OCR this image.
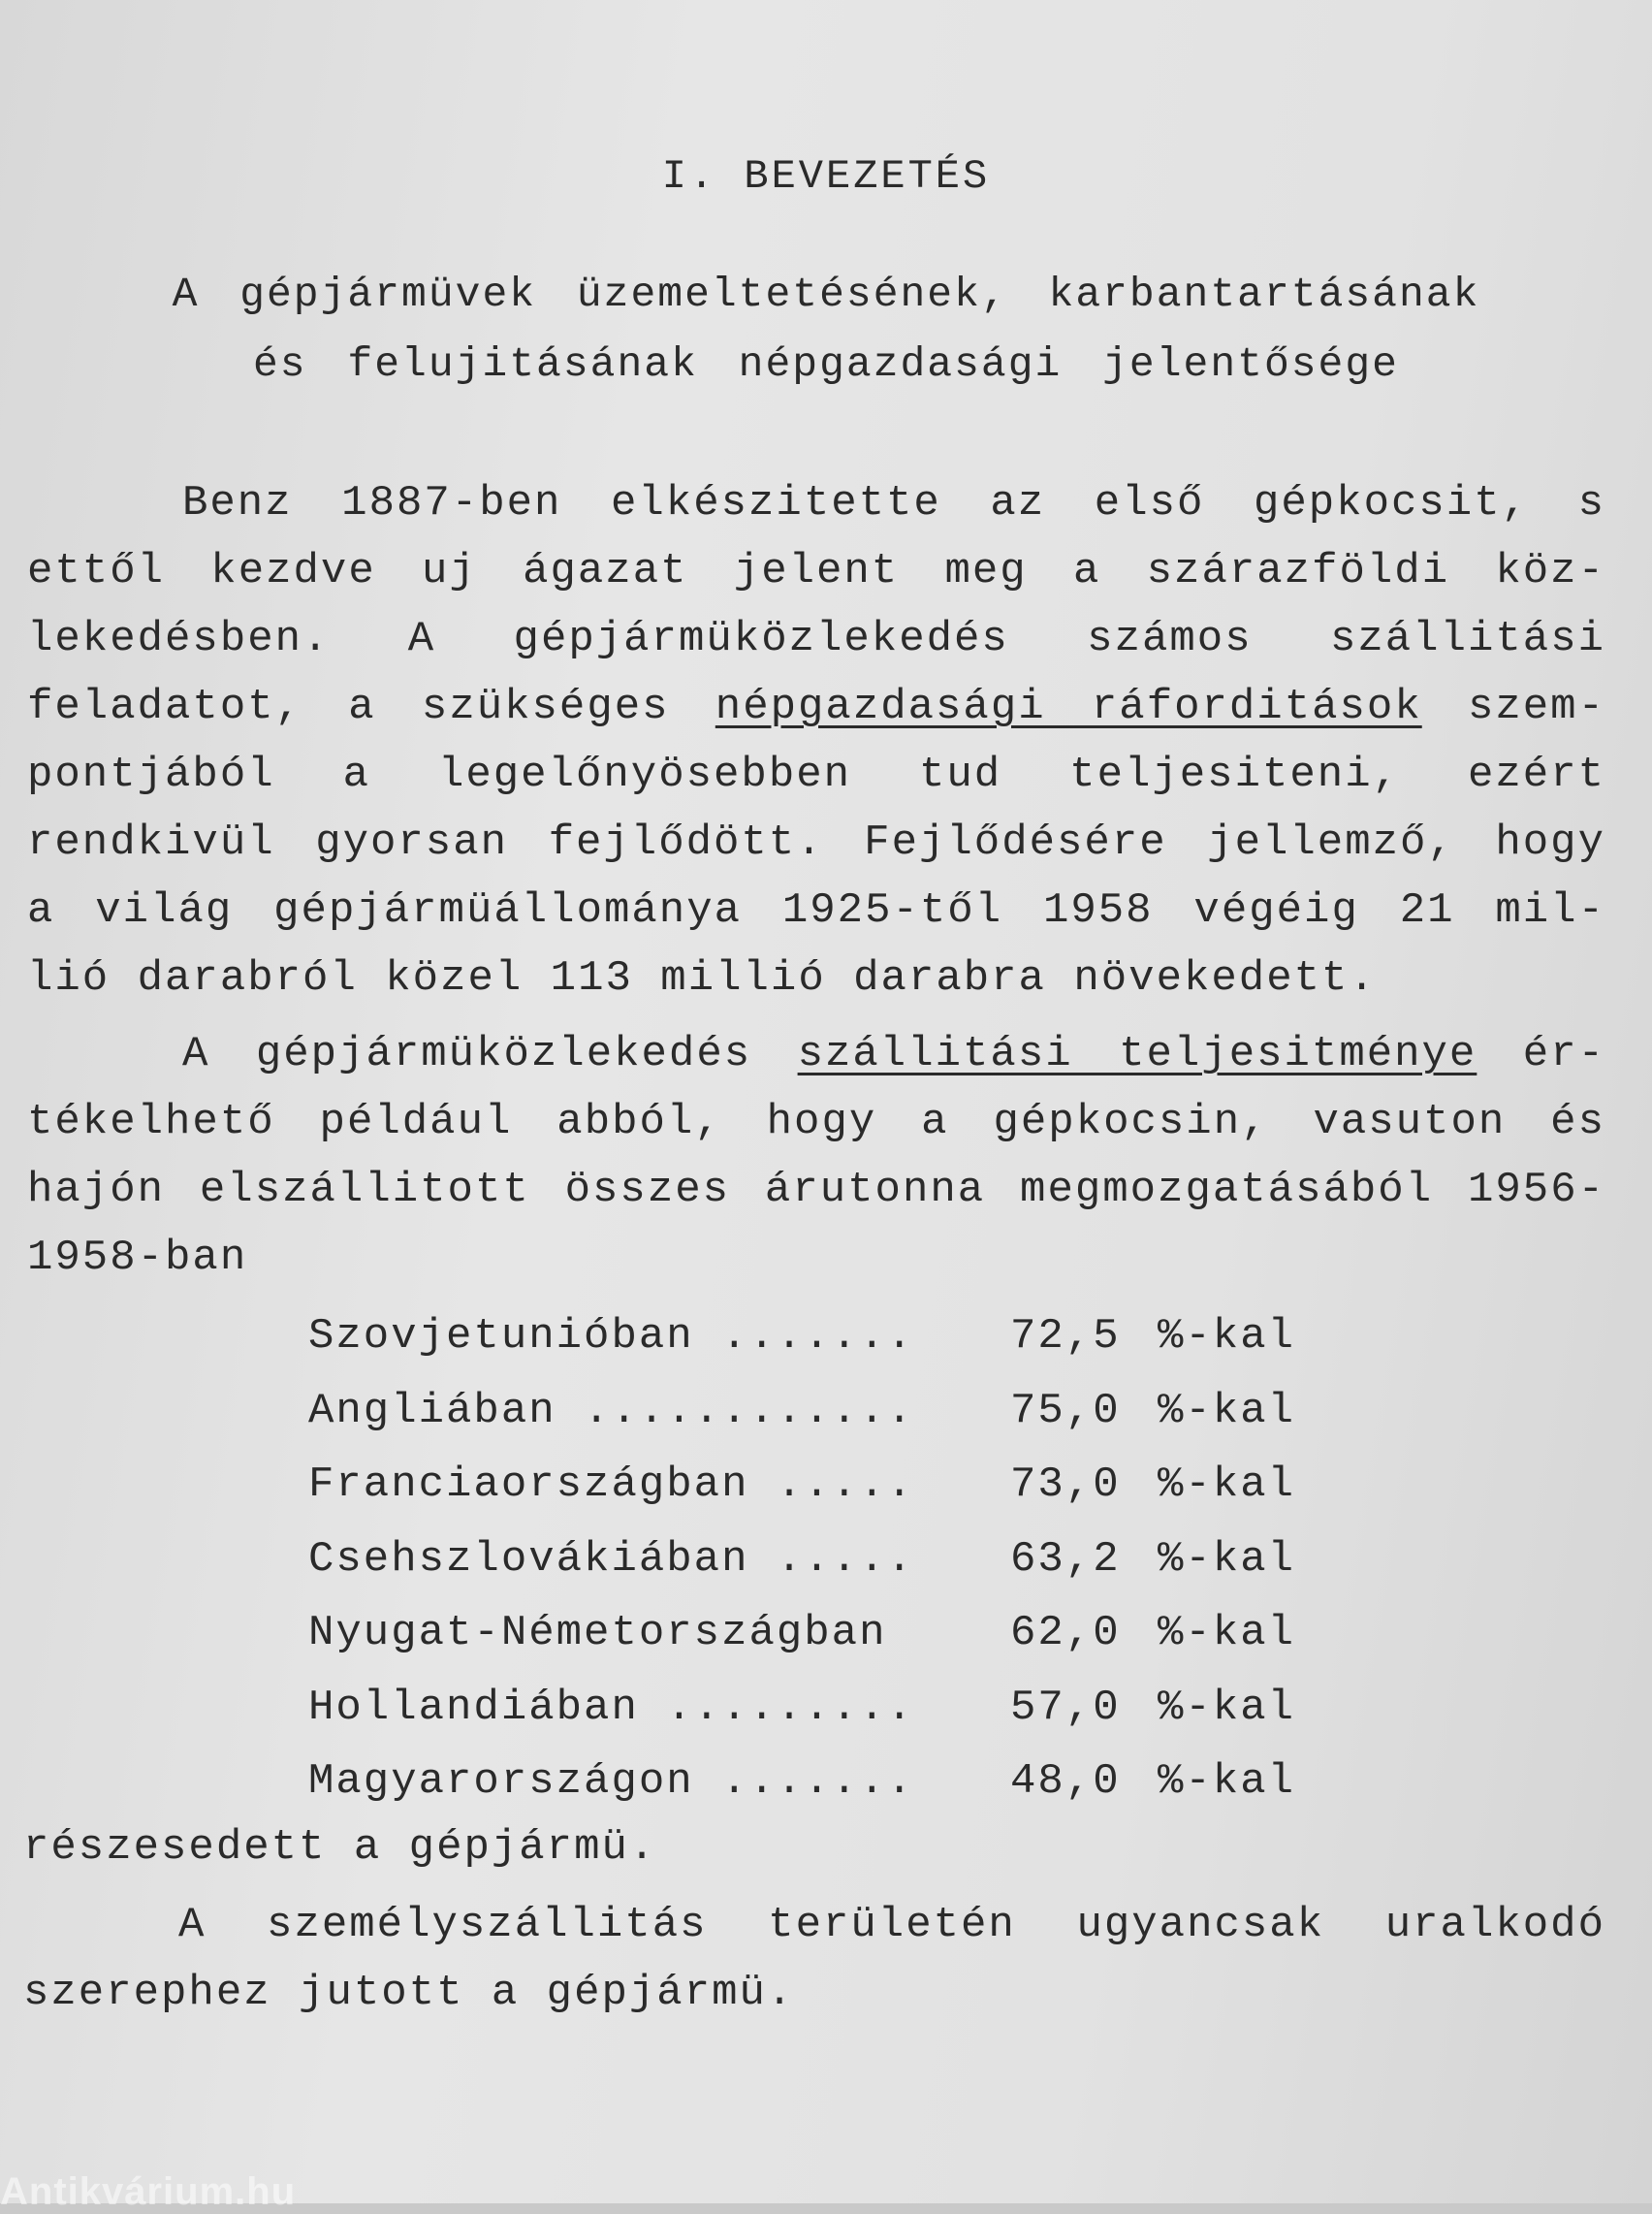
I. BEVEZETÉS
A gépjármüvek üzemeltetésének, karbantartásának
és felujitásának népgazdasági jelentősége
Benz 1887-ben elkészitette az első gépkocsit, s
ettől kezdve uj ágazat jelent meg a szárazföldi köz-
lekedésben. A gépjármüközlekedés számos szállitási
feladatot, a szükséges népgazdasági ráforditások szem-
pontjából a legelőnyösebben tud teljesiteni, ezért
rendkivül gyorsan fejlődött. Fejlődésére jellemző, hogy
a világ gépjármüállománya 1925-től 1958 végéig 21 mil-
lió darabról közel 113 millió darabra növekedett.
A gépjármüközlekedés szállitási teljesitménye ér-
tékelhető például abból, hogy a gépkocsin, vasuton és
hajón elszállitott összes árutonna megmozgatásából 1956-
1958-ban
Szovjetunióban .......	72,5 %-kal
Angliában ............	75,0 %-kal
Franciaországban .....	73,0 %-kal
Csehszlovákiában .....	63,2 %-kal
Nyugat-Németországban	62,0 %-kal
Hollandiában .........	57,0 %-kal
Magyarországon .......	48,0 %-kal
részesedett a gépjármü.
A személyszállitás területén ugyancsak uralkodó
szerephez jutott a gépjármü.
Antikvárium.hu
